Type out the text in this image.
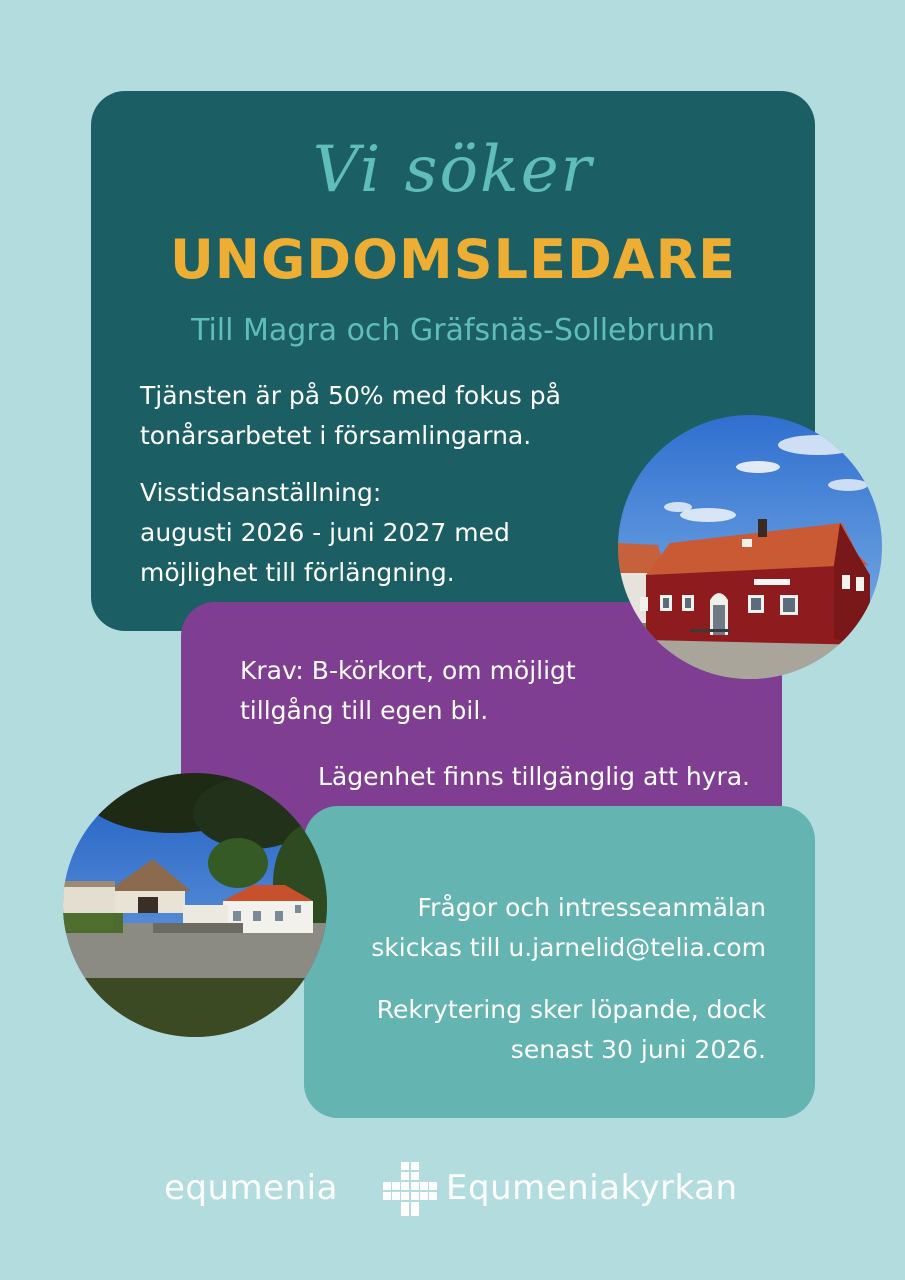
Vi söker
UNGDOMSLEDARE
Till Magra och Gräfsnäs-Sollebrunn

Tjänsten är på 50% med fokus på

tonårsarbetet i församlingarna.

Visstidsanställning:

augusti 2026 - juni 2027 med

möjlighet till förlängning.

Krav: B-körkort, om möjligt

tillgång till egen bil.

Lägenhet finns tillgänglig att hyra.

Frågor och intresseanmälan

skickas till u.jarnelid@telia.com

Rekrytering sker löpande, dock

senast 30 juni 2026.

equmenia	Equmeniakyrkan
